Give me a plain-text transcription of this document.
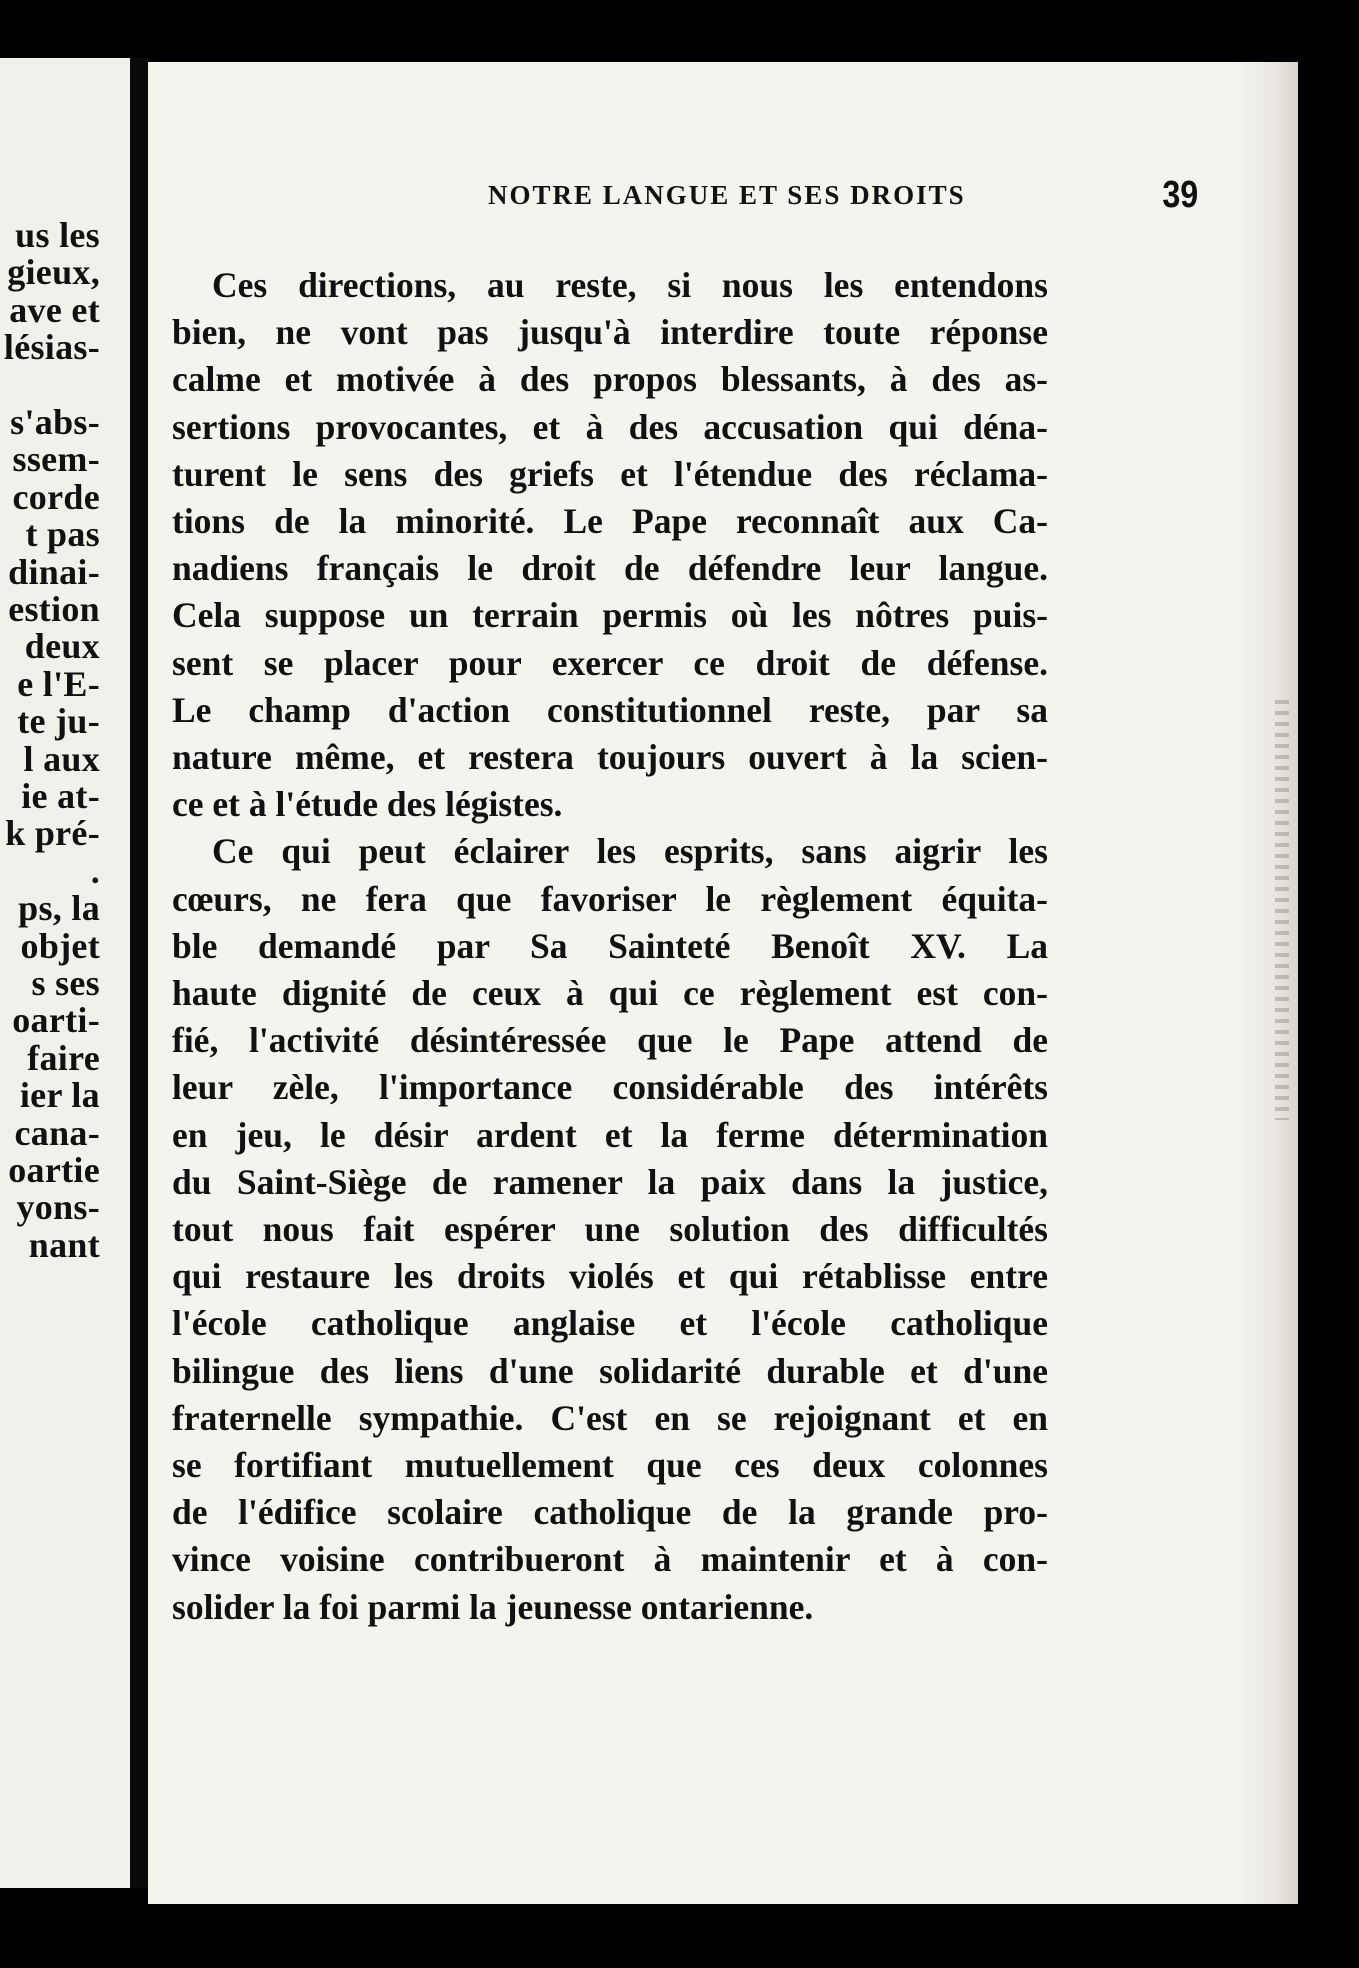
us les
gieux,
ave et
lésias-
s'abs-
ssem-
corde
t pas
dinai-
estion
deux
e l'E-
te ju-
l aux
ie at-
k pré-
.
ps, la
objet
s ses
oarti-
faire
ier la
cana-
oartie
yons-
nant
NOTRE LANGUE ET SES DROITS	39

Ces directions, au reste, si nous les entendons
bien, ne vont pas jusqu'à interdire toute réponse
calme et motivée à des propos blessants, à des as-
sertions provocantes, et à des accusation qui déna-
turent le sens des griefs et l'étendue des réclama-
tions de la minorité. Le Pape reconnaît aux Ca-
nadiens français le droit de défendre leur langue.
Cela suppose un terrain permis où les nôtres puis-
sent se placer pour exercer ce droit de défense.
Le champ d'action constitutionnel reste, par sa
nature même, et restera toujours ouvert à la scien-
ce et à l'étude des légistes.

Ce qui peut éclairer les esprits, sans aigrir les
cœurs, ne fera que favoriser le règlement équita-
ble demandé par Sa Sainteté Benoît XV. La
haute dignité de ceux à qui ce règlement est con-
fié, l'activité désintéressée que le Pape attend de
leur zèle, l'importance considérable des intérêts
en jeu, le désir ardent et la ferme détermination
du Saint-Siège de ramener la paix dans la justice,
tout nous fait espérer une solution des difficultés
qui restaure les droits violés et qui rétablisse entre
l'école catholique anglaise et l'école catholique
bilingue des liens d'une solidarité durable et d'une
fraternelle sympathie. C'est en se rejoignant et en
se fortifiant mutuellement que ces deux colonnes
de l'édifice scolaire catholique de la grande pro-
vince voisine contribueront à maintenir et à con-
solider la foi parmi la jeunesse ontarienne.
